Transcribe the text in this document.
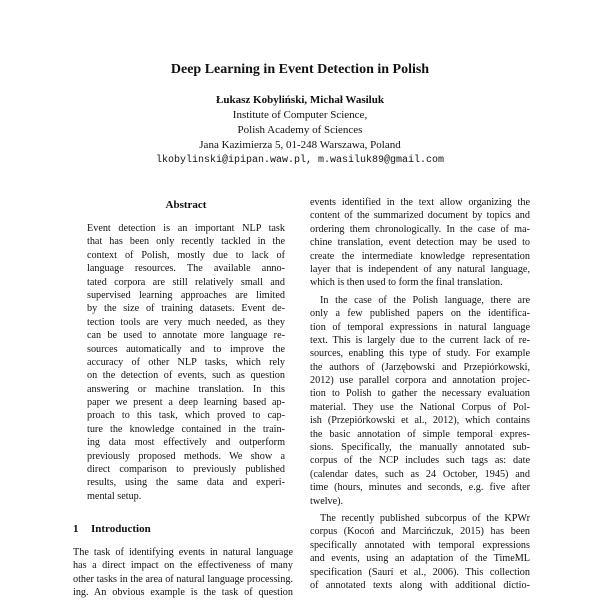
Deep Learning in Event Detection in Polish
Łukasz Kobyliński, Michał Wasiluk
Institute of Computer Science,
Polish Academy of Sciences
Jana Kazimierza 5, 01-248 Warszawa, Poland
lkobylinski@ipipan.waw.pl, m.wasiluk89@gmail.com
Abstract
Event detection is an important NLP task
that has been only recently tackled in the
context of Polish, mostly due to lack of
language resources. The available anno-
tated corpora are still relatively small and
supervised learning approaches are limited
by the size of training datasets. Event de-
tection tools are very much needed, as they
can be used to annotate more language re-
sources automatically and to improve the
accuracy of other NLP tasks, which rely
on the detection of events, such as question
answering or machine translation. In this
paper we present a deep learning based ap-
proach to this task, which proved to cap-
ture the knowledge contained in the train-
ing data most effectively and outperform
previously proposed methods. We show a
direct comparison to previously published
results, using the same data and experi-
mental setup.
1 Introduction
The task of identifying events in natural language
has a direct impact on the effectiveness of many
other tasks in the area of natural language processing.
ing. An obvious example is the task of question
events identified in the text allow organizing the
content of the summarized document by topics and
ordering them chronologically. In the case of ma-
chine translation, event detection may be used to
create the intermediate knowledge representation
layer that is independent of any natural language,
which is then used to form the final translation.
In the case of the Polish language, there are
only a few published papers on the identifica-
tion of temporal expressions in natural language
text. This is largely due to the current lack of re-
sources, enabling this type of study. For example
the authors of (Jarzębowski and Przepiórkowski,
2012) use parallel corpora and annotation projec-
tion to Polish to gather the necessary evaluation
material. They use the National Corpus of Pol-
ish (Przepiórkowski et al., 2012), which contains
the basic annotation of simple temporal expres-
sions. Specifically, the manually annotated sub-
corpus of the NCP includes such tags as: date
(calendar dates, such as 24 October, 1945) and
time (hours, minutes and seconds, e.g. five after
twelve).
The recently published subcorpus of the KPWr
corpus (Kocoń and Marcińczuk, 2015) has been
specifically annotated with temporal expressions
and events, using an adaptation of the TimeML
specification (Saurí et al., 2006). This collection
of annotated texts along with additional dictio-
